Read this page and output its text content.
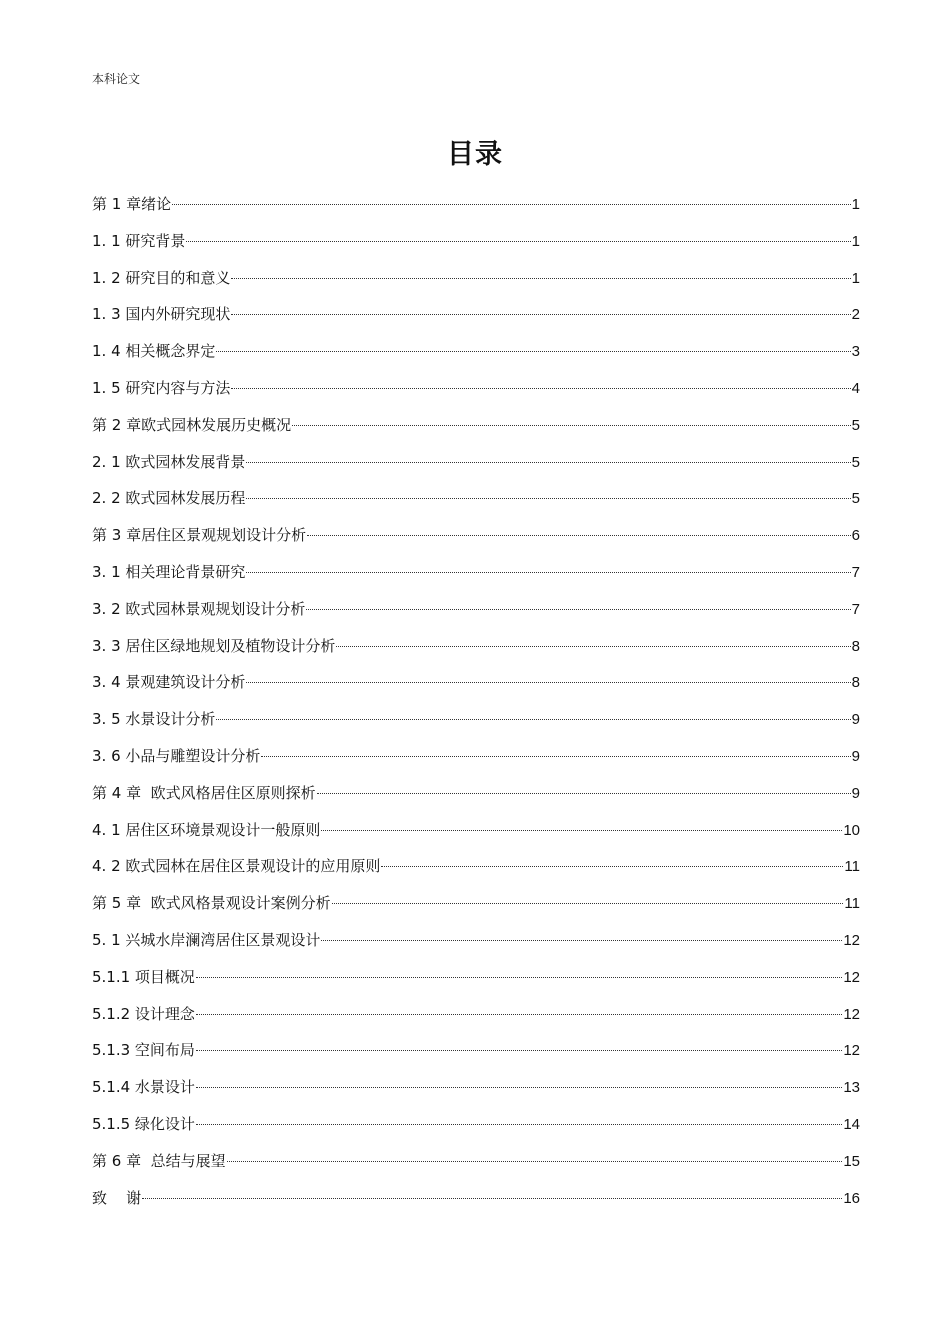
本科论文
目录
第 1 章绪论	1
1. 1 研究背景	1
1. 2 研究目的和意义	1
1. 3 国内外研究现状	2
1. 4 相关概念界定	3
1. 5 研究内容与方法	4
第 2 章欧式园林发展历史概况	5
2. 1 欧式园林发展背景	5
2. 2 欧式园林发展历程	5
第 3 章居住区景观规划设计分析	6
3. 1 相关理论背景研究	7
3. 2 欧式园林景观规划设计分析	7
3. 3 居住区绿地规划及植物设计分析	8
3. 4 景观建筑设计分析	8
3. 5 水景设计分析	9
3. 6 小品与雕塑设计分析	9
第 4 章  欧式风格居住区原则探析	9
4. 1 居住区环境景观设计一般原则	10
4. 2 欧式园林在居住区景观设计的应用原则	11
第 5 章  欧式风格景观设计案例分析	11
5. 1 兴城水岸澜湾居住区景观设计	12
5.1.1 项目概况	12
5.1.2 设计理念	12
5.1.3 空间布局	12
5.1.4 水景设计	13
5.1.5 绿化设计	14
第 6 章  总结与展望	15
致    谢	16
